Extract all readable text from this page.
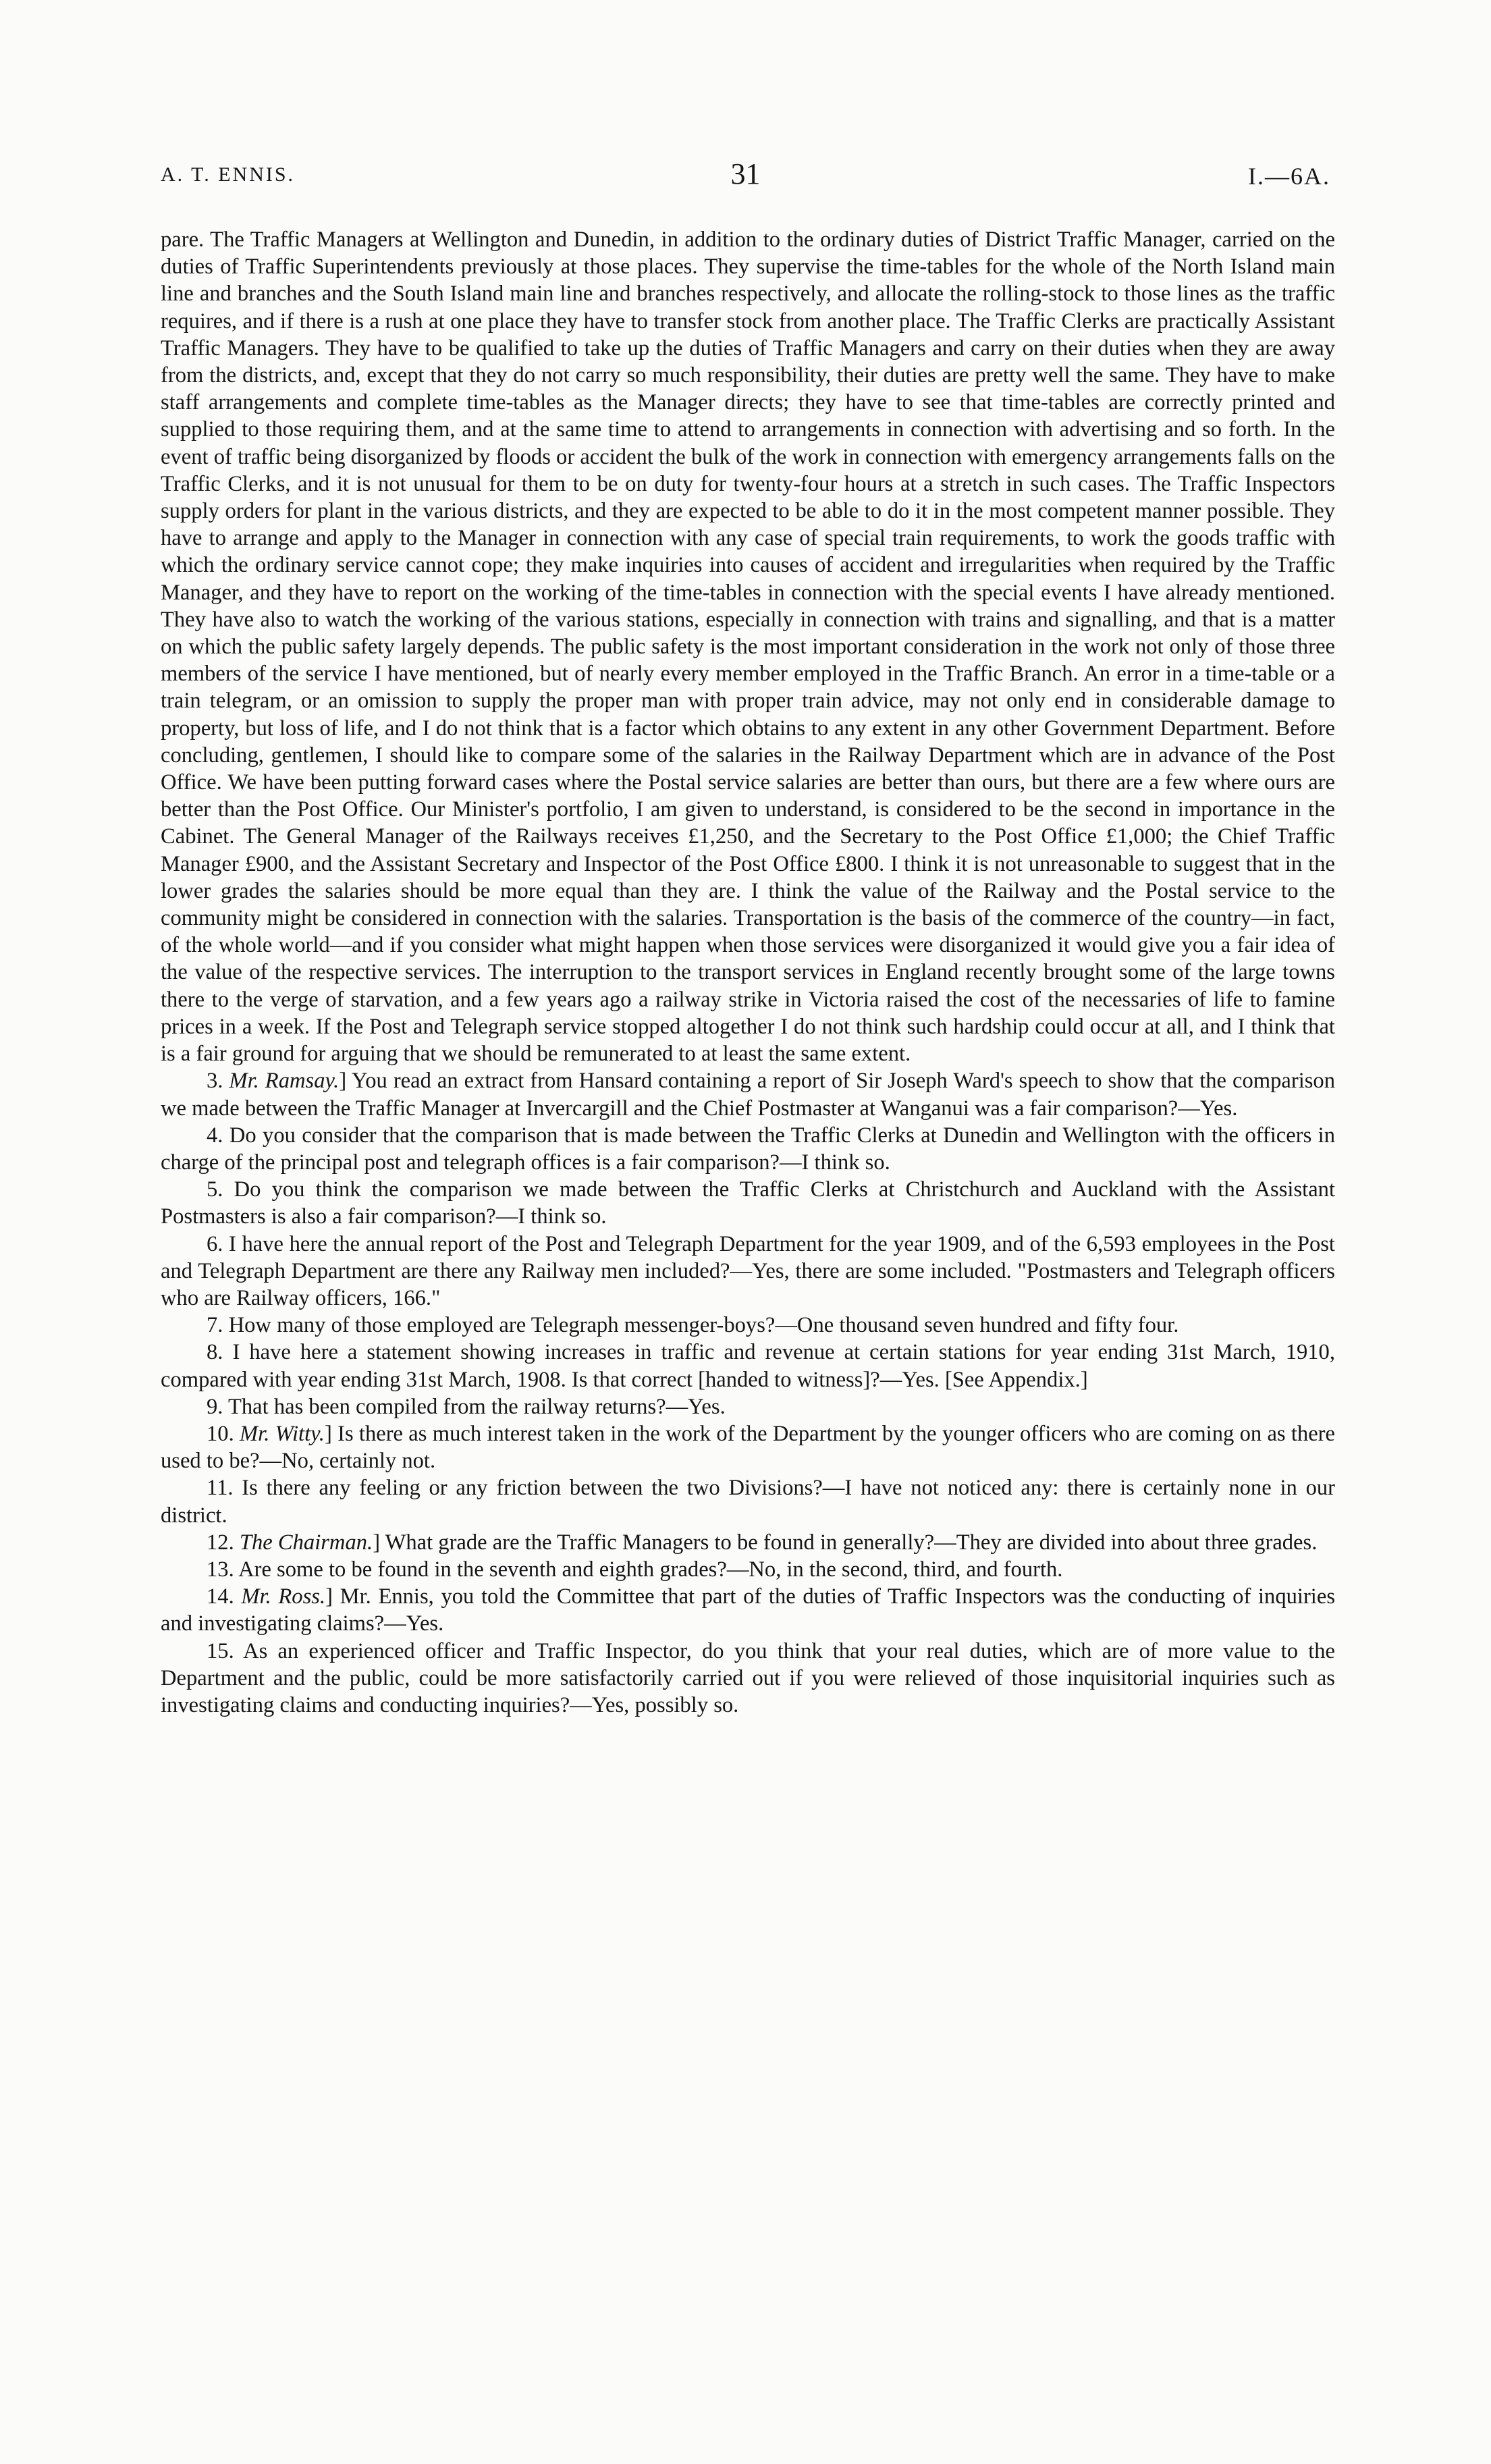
A. T. ENNIS.	31	I.—6A.

pare. The Traffic Managers at Wellington and Dunedin, in addition to the ordinary duties of District Traffic Manager, carried on the duties of Traffic Superintendents previously at those places. They supervise the time-tables for the whole of the North Island main line and branches and the South Island main line and branches respectively, and allocate the rolling-stock to those lines as the traffic requires, and if there is a rush at one place they have to transfer stock from another place. The Traffic Clerks are practically Assistant Traffic Managers. They have to be qualified to take up the duties of Traffic Managers and carry on their duties when they are away from the districts, and, except that they do not carry so much responsibility, their duties are pretty well the same. They have to make staff arrangements and complete time-tables as the Manager directs; they have to see that time-tables are correctly printed and supplied to those requiring them, and at the same time to attend to arrangements in connection with advertising and so forth. In the event of traffic being disorganized by floods or accident the bulk of the work in connection with emergency arrangements falls on the Traffic Clerks, and it is not unusual for them to be on duty for twenty-four hours at a stretch in such cases. The Traffic Inspectors supply orders for plant in the various districts, and they are expected to be able to do it in the most competent manner possible. They have to arrange and apply to the Manager in connection with any case of special train requirements, to work the goods traffic with which the ordinary service cannot cope; they make inquiries into causes of accident and irregularities when required by the Traffic Manager, and they have to report on the working of the time-tables in connection with the special events I have already mentioned. They have also to watch the working of the various stations, especially in connection with trains and signalling, and that is a matter on which the public safety largely depends. The public safety is the most important consideration in the work not only of those three members of the service I have mentioned, but of nearly every member employed in the Traffic Branch. An error in a time-table or a train telegram, or an omission to supply the proper man with proper train advice, may not only end in considerable damage to property, but loss of life, and I do not think that is a factor which obtains to any extent in any other Government Department. Before concluding, gentlemen, I should like to compare some of the salaries in the Railway Department which are in advance of the Post Office. We have been putting forward cases where the Postal service salaries are better than ours, but there are a few where ours are better than the Post Office. Our Minister's portfolio, I am given to understand, is considered to be the second in importance in the Cabinet. The General Manager of the Railways receives £1,250, and the Secretary to the Post Office £1,000; the Chief Traffic Manager £900, and the Assistant Secretary and Inspector of the Post Office £800. I think it is not unreasonable to suggest that in the lower grades the salaries should be more equal than they are. I think the value of the Railway and the Postal service to the community might be considered in connection with the salaries. Transportation is the basis of the commerce of the country—in fact, of the whole world—and if you consider what might happen when those services were disorganized it would give you a fair idea of the value of the respective services. The interruption to the transport services in England recently brought some of the large towns there to the verge of starvation, and a few years ago a railway strike in Victoria raised the cost of the necessaries of life to famine prices in a week. If the Post and Telegraph service stopped altogether I do not think such hardship could occur at all, and I think that is a fair ground for arguing that we should be remunerated to at least the same extent.

3. Mr. Ramsay.] You read an extract from Hansard containing a report of Sir Joseph Ward's speech to show that the comparison we made between the Traffic Manager at Invercargill and the Chief Postmaster at Wanganui was a fair comparison?—Yes.

4. Do you consider that the comparison that is made between the Traffic Clerks at Dunedin and Wellington with the officers in charge of the principal post and telegraph offices is a fair comparison?—I think so.

5. Do you think the comparison we made between the Traffic Clerks at Christchurch and Auckland with the Assistant Postmasters is also a fair comparison?—I think so.

6. I have here the annual report of the Post and Telegraph Department for the year 1909, and of the 6,593 employees in the Post and Telegraph Department are there any Railway men included?—Yes, there are some included. "Postmasters and Telegraph officers who are Railway officers, 166."

7. How many of those employed are Telegraph messenger-boys?—One thousand seven hundred and fifty four.

8. I have here a statement showing increases in traffic and revenue at certain stations for year ending 31st March, 1910, compared with year ending 31st March, 1908. Is that correct [handed to witness]?—Yes. [See Appendix.]

9. That has been compiled from the railway returns?—Yes.

10. Mr. Witty.] Is there as much interest taken in the work of the Department by the younger officers who are coming on as there used to be?—No, certainly not.

11. Is there any feeling or any friction between the two Divisions?—I have not noticed any: there is certainly none in our district.

12. The Chairman.] What grade are the Traffic Managers to be found in generally?—They are divided into about three grades.

13. Are some to be found in the seventh and eighth grades?—No, in the second, third, and fourth.

14. Mr. Ross.] Mr. Ennis, you told the Committee that part of the duties of Traffic Inspectors was the conducting of inquiries and investigating claims?—Yes.

15. As an experienced officer and Traffic Inspector, do you think that your real duties, which are of more value to the Department and the public, could be more satisfactorily carried out if you were relieved of those inquisitorial inquiries such as investigating claims and conducting inquiries?—Yes, possibly so.
